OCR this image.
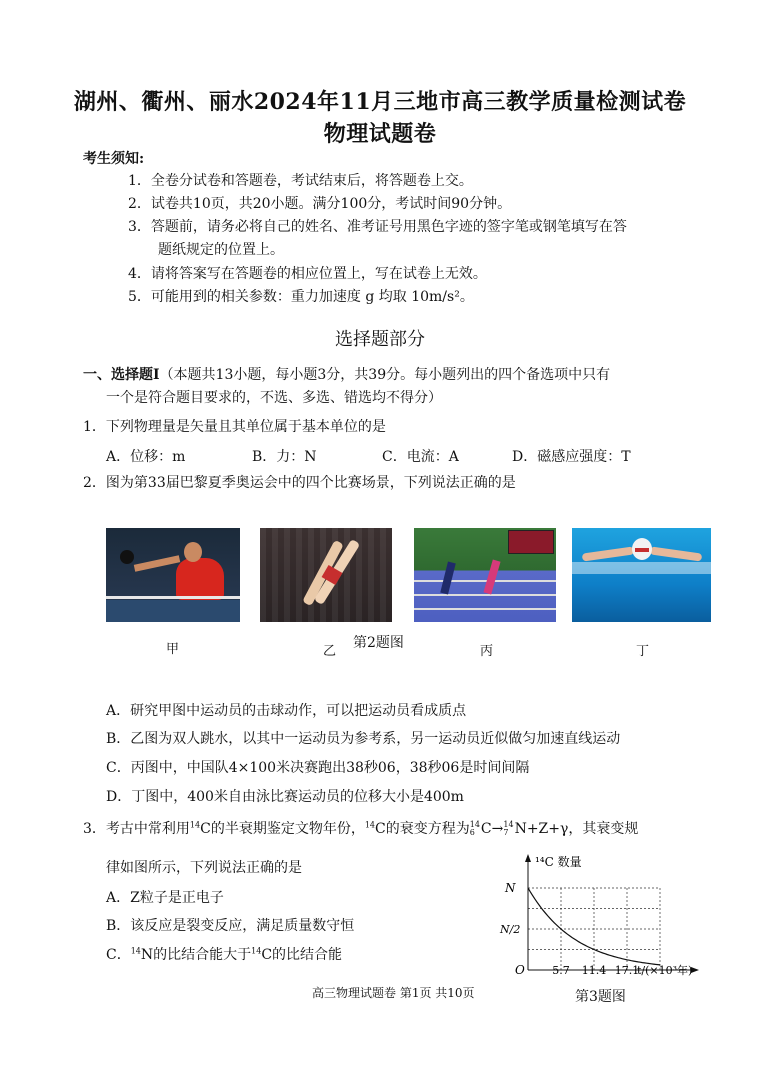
湖州、衢州、丽水2024年11月三地市高三教学质量检测试卷
物理试题卷
考生须知:
1．全卷分试卷和答题卷，考试结束后，将答题卷上交。
2．试卷共10页，共20小题。满分100分，考试时间90分钟。
3．答题前，请务必将自己的姓名、准考证号用黑色字迹的签字笔或钢笔填写在答
题纸规定的位置上。
4．请将答案写在答题卷的相应位置上，写在试卷上无效。
5．可能用到的相关参数：重力加速度 g 均取 10m/s²。
选择题部分
一、选择题Ⅰ（本题共13小题，每小题3分，共39分。每小题列出的四个备选项中只有
一个是符合题目要求的，不选、多选、错选均不得分）
1．下列物理量是矢量且其单位属于基本单位的是
A．位移：m	B．力：N	C．电流：A	D．磁感应强度：T
2．图为第33届巴黎夏季奥运会中的四个比赛场景，下列说法正确的是
甲	乙
第2题图
丙	丁
A．研究甲图中运动员的击球动作，可以把运动员看成质点
B．乙图为双人跳水，以其中一运动员为参考系，另一运动员近似做匀加速直线运动
C．丙图中，中国队4×100米决赛跑出38秒06，38秒06是时间间隔
D．丁图中，400米自由泳比赛运动员的位移大小是400m
3．考古中常利用$^{14}$C的半衰期鉴定文物年份，$^{14}$C的衰变方程为 14
6 C→ 14
7 N+Z+γ，其衰变规
律如图所示，下列说法正确的是
A．Z粒子是正电子
B．该反应是裂变反应，满足质量数守恒
C．$^{14}$N的比结合能大于$^{14}$C的比结合能
¹⁴C 数量
N
N/2
O 5.7 11.4 17.1
t/(×10³年)
第3题图
高三物理试题卷 第1页 共10页
